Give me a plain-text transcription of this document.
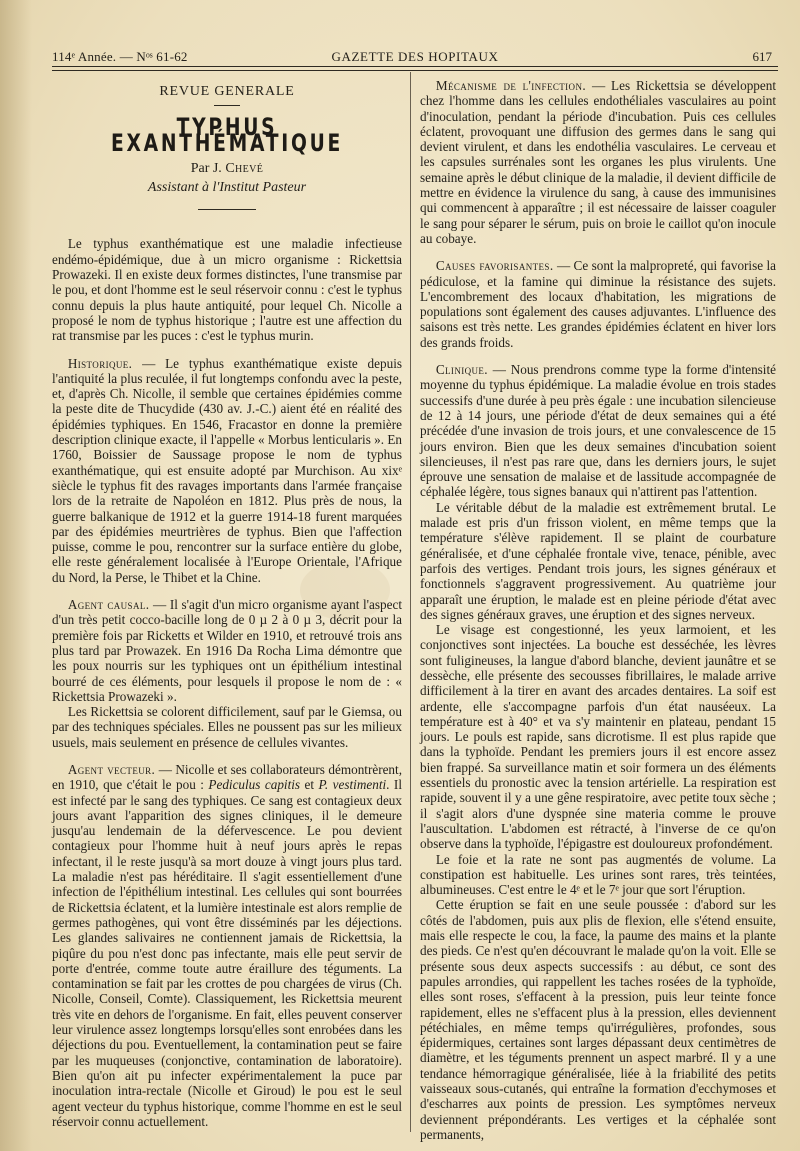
114ᵉ Année. — Nᵒˢ 61-62	GAZETTE DES HOPITAUX	617
REVUE GENERALE
TYPHUS EXANTHÉMATIQUE
Par J. Chevé
Assistant à l'Institut Pasteur

Le typhus exanthématique est une maladie infectieuse endémo-épidémique, due à un micro organisme : Rickettsia Prowazeki. Il en existe deux formes distinctes, l'une transmise par le pou, et dont l'homme est le seul réservoir connu : c'est le typhus connu depuis la plus haute antiquité, pour lequel Ch. Nicolle a proposé le nom de typhus historique ; l'autre est une affection du rat transmise par les puces : c'est le typhus murin.

Historique. — Le typhus exanthématique existe depuis l'antiquité la plus reculée, il fut longtemps confondu avec la peste, et, d'après Ch. Nicolle, il semble que certaines épidémies comme la peste dite de Thucydide (430 av. J.-C.) aient été en réalité des épidémies typhiques. En 1546, Fracastor en donne la première description clinique exacte, il l'appelle « Morbus lenticularis ». En 1760, Boissier de Saussage propose le nom de typhus exanthématique, qui est ensuite adopté par Murchison. Au xixᵉ siècle le typhus fit des ravages importants dans l'armée française lors de la retraite de Napoléon en 1812. Plus près de nous, la guerre balkanique de 1912 et la guerre 1914-18 furent marquées par des épidémies meurtrières de typhus. Bien que l'affection puisse, comme le pou, rencontrer sur la surface entière du globe, elle reste généralement localisée à l'Europe Orientale, l'Afrique du Nord, la Perse, le Thibet et la Chine.

Agent causal. — Il s'agit d'un micro organisme ayant l'aspect d'un très petit cocco-bacille long de 0 µ 2 à 0 µ 3, décrit pour la première fois par Ricketts et Wilder en 1910, et retrouvé trois ans plus tard par Prowazek. En 1916 Da Rocha Lima démontre que les poux nourris sur les typhiques ont un épithélium intestinal bourré de ces éléments, pour lesquels il propose le nom de : « Rickettsia Prowazeki ».

Les Rickettsia se colorent difficilement, sauf par le Giemsa, ou par des techniques spéciales. Elles ne poussent pas sur les milieux usuels, mais seulement en présence de cellules vivantes.

Agent vecteur. — Nicolle et ses collaborateurs démontrèrent, en 1910, que c'était le pou : Pediculus capitis et P. vestimenti. Il est infecté par le sang des typhiques. Ce sang est contagieux deux jours avant l'apparition des signes cliniques, il le demeure jusqu'au lendemain de la défervescence. Le pou devient contagieux pour l'homme huit à neuf jours après le repas infectant, il le reste jusqu'à sa mort douze à vingt jours plus tard. La maladie n'est pas héréditaire. Il s'agit essentiellement d'une infection de l'épithélium intestinal. Les cellules qui sont bourrées de Rickettsia éclatent, et la lumière intestinale est alors remplie de germes pathogènes, qui vont être disséminés par les déjections. Les glandes salivaires ne contiennent jamais de Rickettsia, la piqûre du pou n'est donc pas infectante, mais elle peut servir de porte d'entrée, comme toute autre éraillure des téguments. La contamination se fait par les crottes de pou chargées de virus (Ch. Nicolle, Conseil, Comte). Classiquement, les Rickettsia meurent très vite en dehors de l'organisme. En fait, elles peuvent conserver leur virulence assez longtemps lorsqu'elles sont enrobées dans les déjections du pou. Eventuellement, la contamination peut se faire par les muqueuses (conjonctive, contamination de laboratoire). Bien qu'on ait pu infecter expérimentalement la puce par inoculation intra-rectale (Nicolle et Giroud) le pou est le seul agent vecteur du typhus historique, comme l'homme en est le seul réservoir connu actuellement.

Mécanisme de l'infection. — Les Rickettsia se développent chez l'homme dans les cellules endothéliales vasculaires au point d'inoculation, pendant la période d'incubation. Puis ces cellules éclatent, provoquant une diffusion des germes dans le sang qui devient virulent, et dans les endothélia vasculaires. Le cerveau et les capsules surrénales sont les organes les plus virulents. Une semaine après le début clinique de la maladie, il devient difficile de mettre en évidence la virulence du sang, à cause des immunisines qui commencent à apparaître ; il est nécessaire de laisser coaguler le sang pour séparer le sérum, puis on broie le caillot qu'on inocule au cobaye.

Causes favorisantes. — Ce sont la malpropreté, qui favorise la pédiculose, et la famine qui diminue la résistance des sujets. L'encombrement des locaux d'habitation, les migrations de populations sont également des causes adjuvantes. L'influence des saisons est très nette. Les grandes épidémies éclatent en hiver lors des grands froids.

Clinique. — Nous prendrons comme type la forme d'intensité moyenne du typhus épidémique. La maladie évolue en trois stades successifs d'une durée à peu près égale : une incubation silencieuse de 12 à 14 jours, une période d'état de deux semaines qui a été précédée d'une invasion de trois jours, et une convalescence de 15 jours environ. Bien que les deux semaines d'incubation soient silencieuses, il n'est pas rare que, dans les derniers jours, le sujet éprouve une sensation de malaise et de lassitude accompagnée de céphalée légère, tous signes banaux qui n'attirent pas l'attention.

Le véritable début de la maladie est extrêmement brutal. Le malade est pris d'un frisson violent, en même temps que la température s'élève rapidement. Il se plaint de courbature généralisée, et d'une céphalée frontale vive, tenace, pénible, avec parfois des vertiges. Pendant trois jours, les signes généraux et fonctionnels s'aggravent progressivement. Au quatrième jour apparaît une éruption, le malade est en pleine période d'état avec des signes généraux graves, une éruption et des signes nerveux.

Le visage est congestionné, les yeux larmoient, et les conjonctives sont injectées. La bouche est desséchée, les lèvres sont fuligineuses, la langue d'abord blanche, devient jaunâtre et se dessèche, elle présente des secousses fibrillaires, le malade arrive difficilement à la tirer en avant des arcades dentaires. La soif est ardente, elle s'accompagne parfois d'un état nauséeux. La température est à 40° et va s'y maintenir en plateau, pendant 15 jours. Le pouls est rapide, sans dicrotisme. Il est plus rapide que dans la typhoïde. Pendant les premiers jours il est encore assez bien frappé. Sa surveillance matin et soir formera un des éléments essentiels du pronostic avec la tension artérielle. La respiration est rapide, souvent il y a une gêne respiratoire, avec petite toux sèche ; il s'agit alors d'une dyspnée sine materia comme le prouve l'auscultation. L'abdomen est rétracté, à l'inverse de ce qu'on observe dans la typhoïde, l'épigastre est douloureux profondément.

Le foie et la rate ne sont pas augmentés de volume. La constipation est habituelle. Les urines sont rares, très teintées, albumineuses. C'est entre le 4ᵉ et le 7ᵉ jour que sort l'éruption.

Cette éruption se fait en une seule poussée : d'abord sur les côtés de l'abdomen, puis aux plis de flexion, elle s'étend ensuite, mais elle respecte le cou, la face, la paume des mains et la plante des pieds. Ce n'est qu'en découvrant le malade qu'on la voit. Elle se présente sous deux aspects successifs : au début, ce sont des papules arrondies, qui rappellent les taches rosées de la typhoïde, elles sont roses, s'effacent à la pression, puis leur teinte fonce rapidement, elles ne s'effacent plus à la pression, elles deviennent pétéchiales, en même temps qu'irrégulières, profondes, sous épidermiques, certaines sont larges dépassant deux centimètres de diamètre, et les téguments prennent un aspect marbré. Il y a une tendance hémorragique généralisée, liée à la friabilité des petits vaisseaux sous-cutanés, qui entraîne la formation d'ecchymoses et d'escharres aux points de pression. Les symptômes nerveux deviennent prépondérants. Les vertiges et la céphalée sont permanents,
